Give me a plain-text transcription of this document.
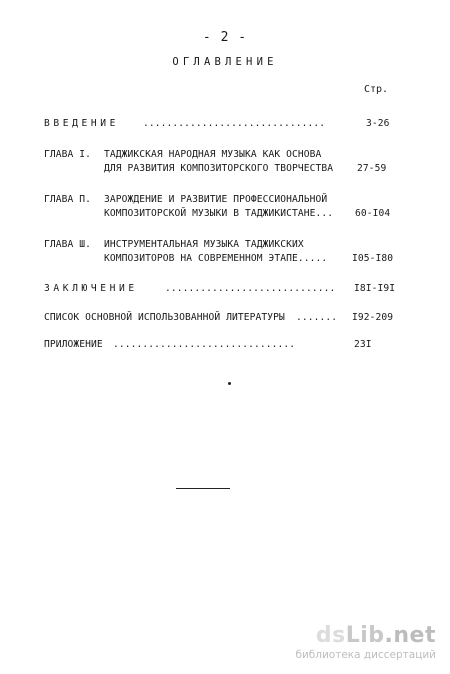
- 2 -
ОГЛАВЛЕНИЕ
Стр.
ВВЕДЕНИЕ ...............................	3-26
ГЛАВА I. ТАДЖИКСКАЯ НАРОДНАЯ МУЗЫКА КАК ОСНОВА
ДЛЯ РАЗВИТИЯ КОМПОЗИТОРСКОГО ТВОРЧЕСТВА 27-59
ГЛАВА П. ЗАРОЖДЕНИЕ И РАЗВИТИЕ ПРОФЕССИОНАЛЬНОЙ
КОМПОЗИТОРСКОЙ МУЗЫКИ В ТАДЖИКИСТАНЕ... 60-I04
ГЛАВА Ш. ИНСТРУМЕНТАЛЬНАЯ МУЗЫКА ТАДЖИКСКИХ
КОМПОЗИТОРОВ НА СОВРЕМЕННОМ ЭТАПЕ.....	I05-I80
ЗАКЛЮЧЕНИЕ	............................. I8I-I9I
СПИСОК ОСНОВНОЙ ИСПОЛЬЗОВАННОЙ ЛИТЕРАТУРЫ ....... I92-209
ПРИЛОЖЕНИЕ ...............................	23I
dsLib.net
библиотека диссертаций
